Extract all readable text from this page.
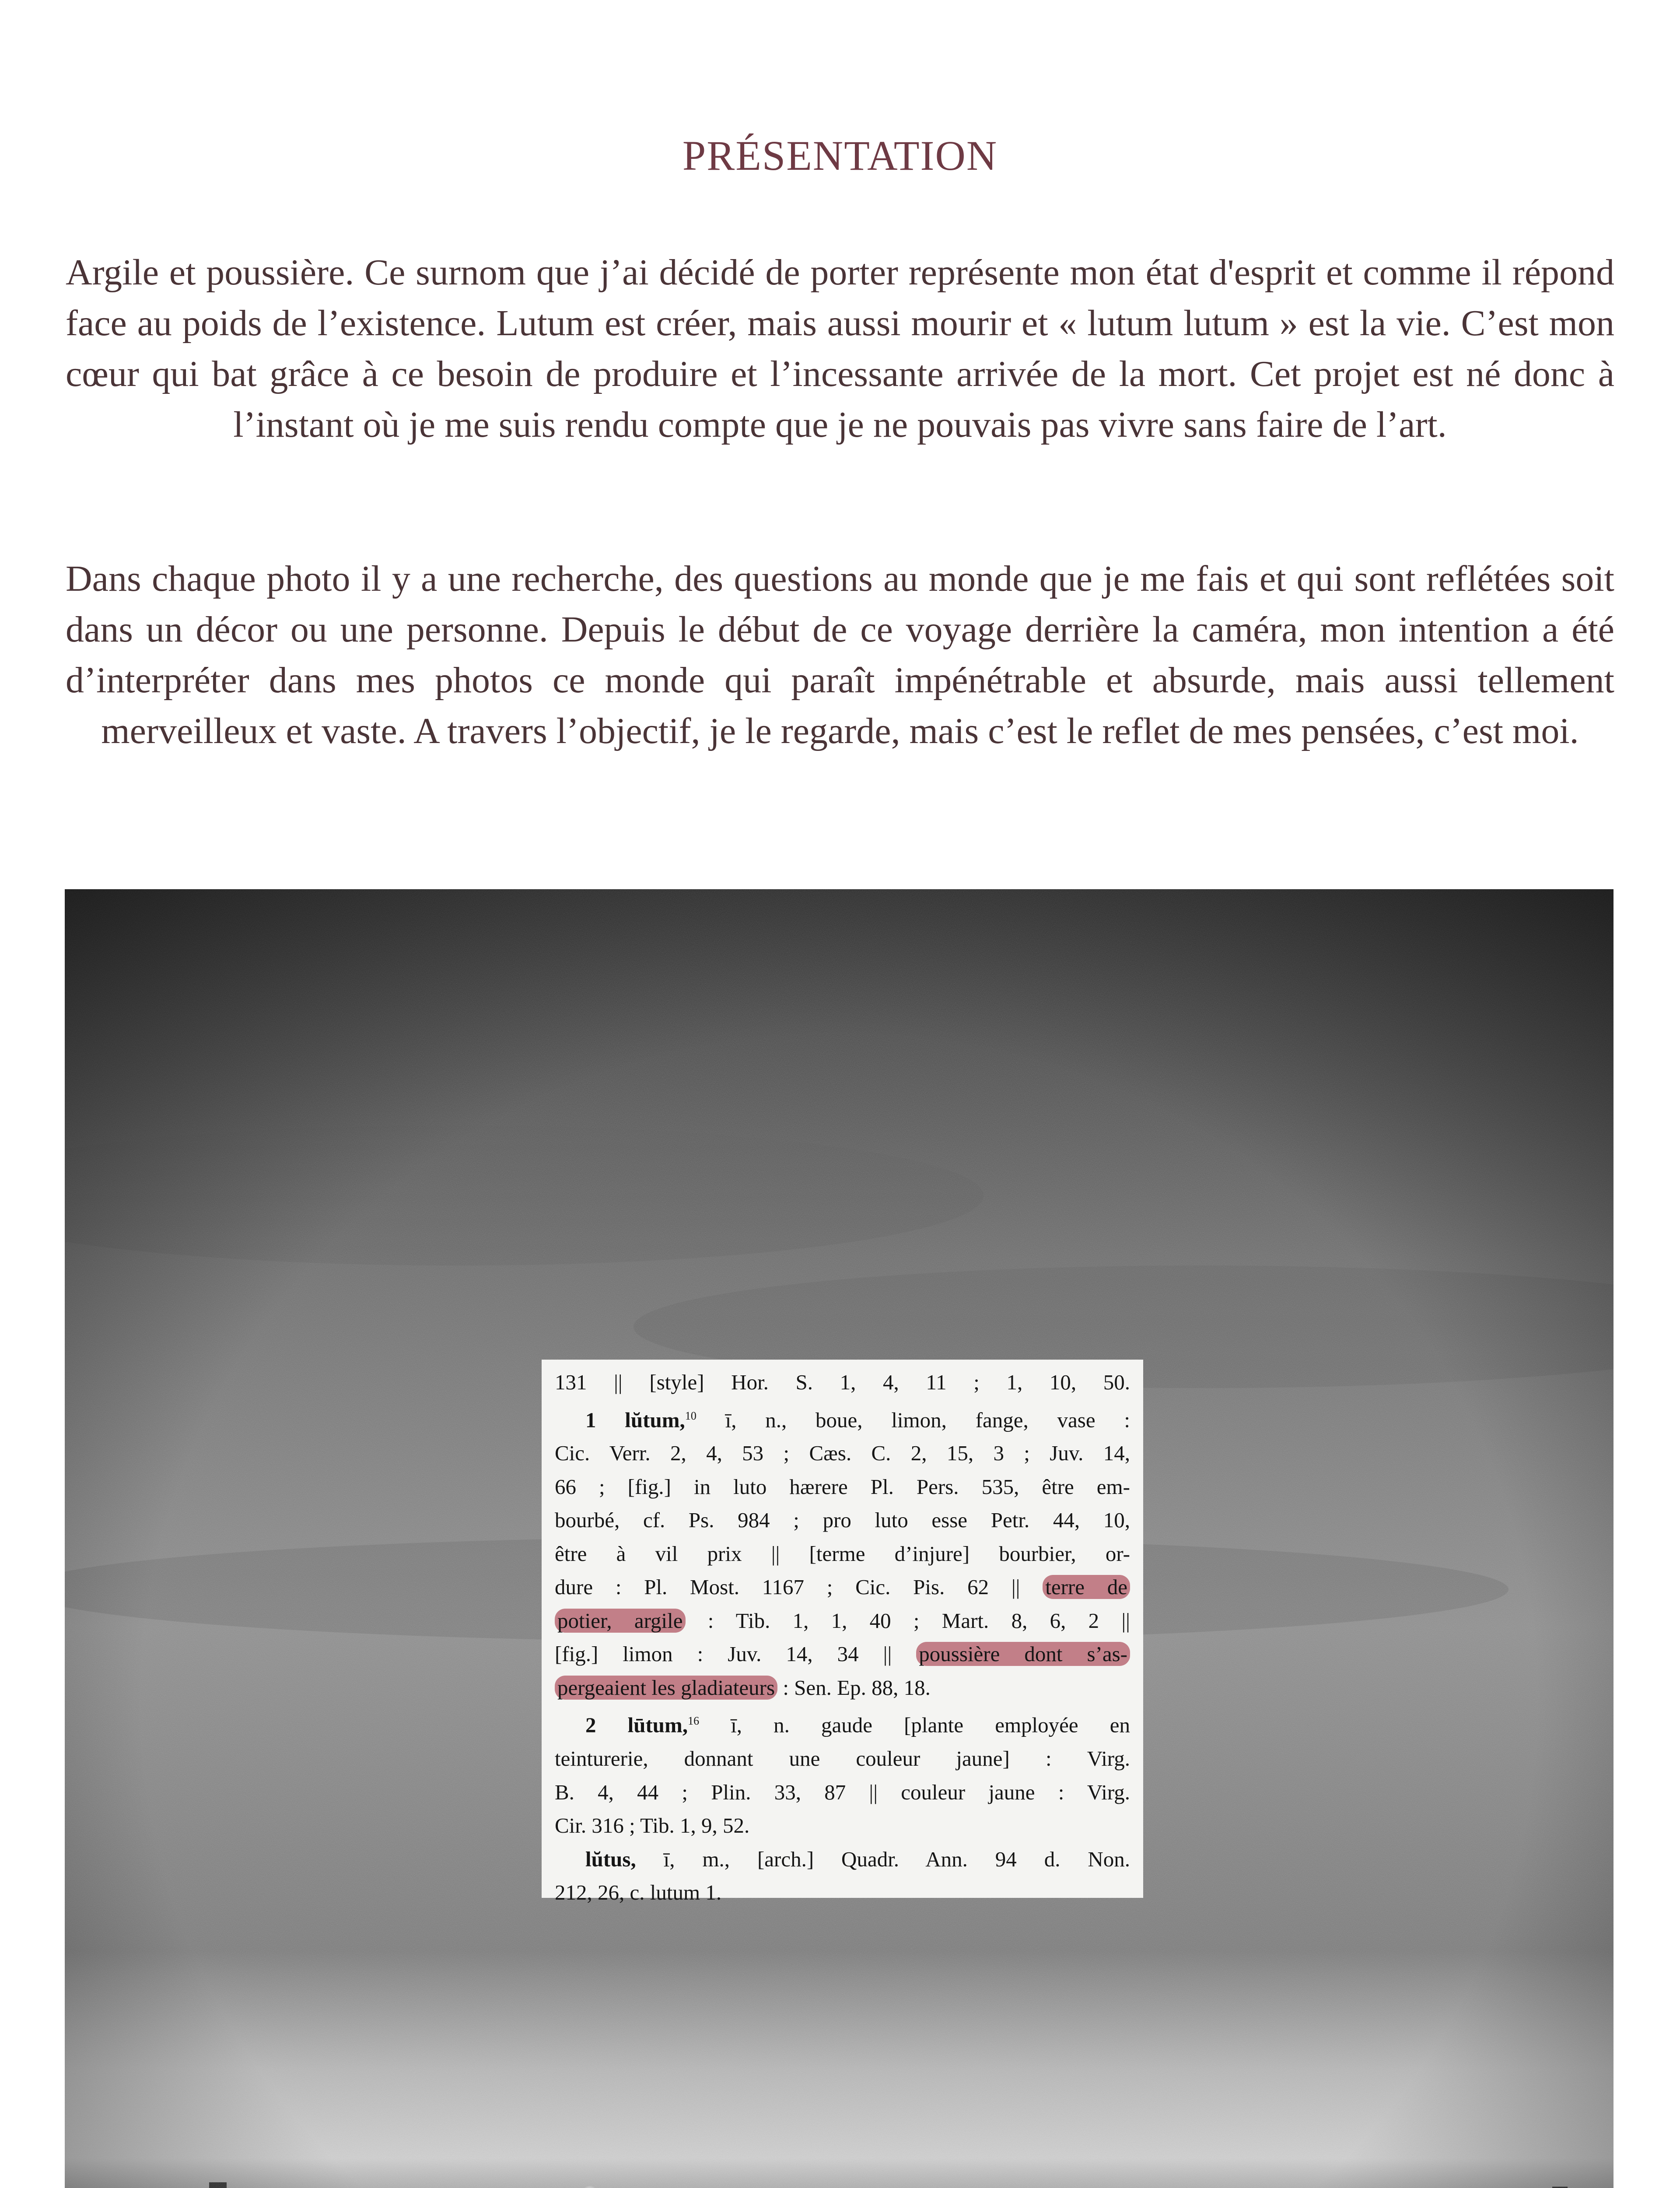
PRÉSENTATION
Argile et poussière. Ce surnom que j’ai décidé de porter représente mon état d'esprit et comme il répond face au poids de l’existence. Lutum est créer, mais aussi mourir et « lutum lutum » est la vie. C’est mon cœur qui bat grâce à ce besoin de produire et l’incessante arrivée de la mort. Cet projet est né donc à l’instant où je me suis rendu compte que je ne pouvais pas vivre sans faire de l’art.
Dans chaque photo il y a une recherche, des questions au monde que je me fais et qui sont reflétées soit dans un décor ou une personne. Depuis le début de ce voyage derrière la caméra, mon intention a été d’interpréter dans mes photos ce monde qui paraît impénétrable et absurde, mais aussi tellement merveilleux et vaste. A travers l’objectif, je le regarde, mais c’est le reflet de mes pensées, c’est moi.
131 || [style] Hor. S. 1, 4, 11 ; 1, 10, 50.
1 lŭtum,$^{10}$ ī, n., boue, limon, fange, vase :
Cic. Verr. 2, 4, 53 ; Cæs. C. 2, 15, 3 ; Juv. 14,
66 ; [fig.] in luto hærere Pl. Pers. 535, être em-
bourbé, cf. Ps. 984 ; pro luto esse Petr. 44, 10,
être à vil prix || [terme d’injure] bourbier, or-
dure : Pl. Most. 1167 ; Cic. Pis. 62 || terre de
potier, argile : Tib. 1, 1, 40 ; Mart. 8, 6, 2 ||
[fig.] limon : Juv. 14, 34 || poussière dont s’as-
pergeaient les gladiateurs : Sen. Ep. 88, 18.
2 lūtum,$^{16}$ ī, n. gaude [plante employée en
teinturerie, donnant une couleur jaune] : Virg.
B. 4, 44 ; Plin. 33, 87 || couleur jaune : Virg.
Cir. 316 ; Tib. 1, 9, 52.
lŭtus, ī, m., [arch.] Quadr. Ann. 94 d. Non.
212, 26, c. lutum 1.
